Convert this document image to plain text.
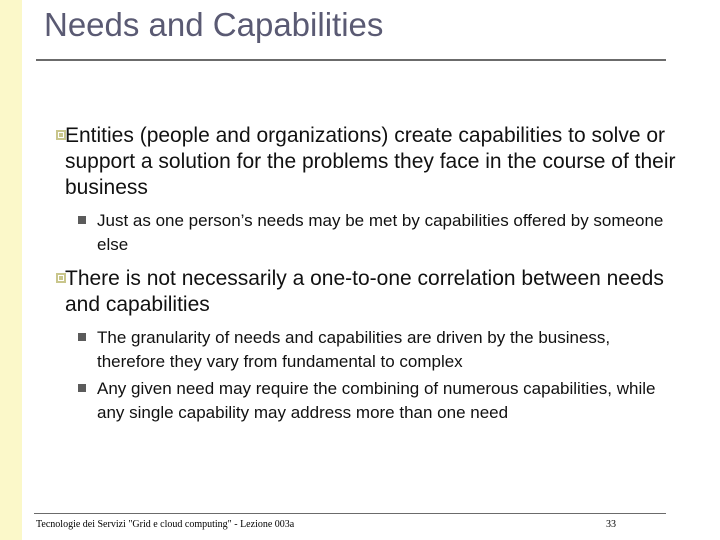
Needs and Capabilities
Entities (people and organizations) create capabilities to solve or support a solution for the problems they face in the course of their business
Just as one person’s needs may be met by capabilities offered by someone else
There is not necessarily a one-to-one correlation between needs and capabilities
The granularity of needs and capabilities are driven by the business, therefore they vary from fundamental to complex
Any given need may require the combining of numerous capabilities, while any single capability may address more than one need
Tecnologie dei Servizi "Grid e cloud computing" - Lezione 003a	33
